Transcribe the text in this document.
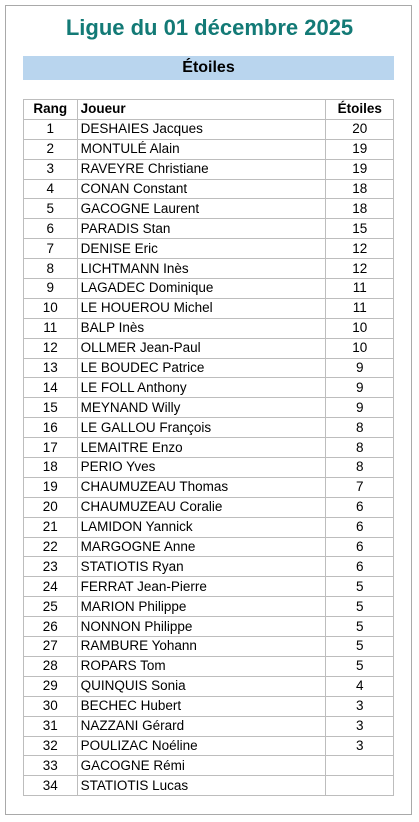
Ligue du 01 décembre 2025
Étoiles
Rang	Joueur	Étoiles
1	DESHAIES Jacques	20
2	MONTULÉ Alain	19
3	RAVEYRE Christiane	19
4	CONAN Constant	18
5	GACOGNE Laurent	18
6	PARADIS Stan	15
7	DENISE Eric	12
8	LICHTMANN Inès	12
9	LAGADEC Dominique	11
10	LE HOUEROU Michel	11
11	BALP Inès	10
12	OLLMER Jean-Paul	10
13	LE BOUDEC Patrice	9
14	LE FOLL Anthony	9
15	MEYNAND Willy	9
16	LE GALLOU François	8
17	LEMAITRE Enzo	8
18	PERIO Yves	8
19	CHAUMUZEAU Thomas	7
20	CHAUMUZEAU Coralie	6
21	LAMIDON Yannick	6
22	MARGOGNE Anne	6
23	STATIOTIS Ryan	6
24	FERRAT Jean-Pierre	5
25	MARION Philippe	5
26	NONNON Philippe	5
27	RAMBURE Yohann	5
28	ROPARS Tom	5
29	QUINQUIS Sonia	4
30	BECHEC Hubert	3
31	NAZZANI Gérard	3
32	POULIZAC Noéline	3
33	GACOGNE Rémi	
34	STATIOTIS Lucas	
